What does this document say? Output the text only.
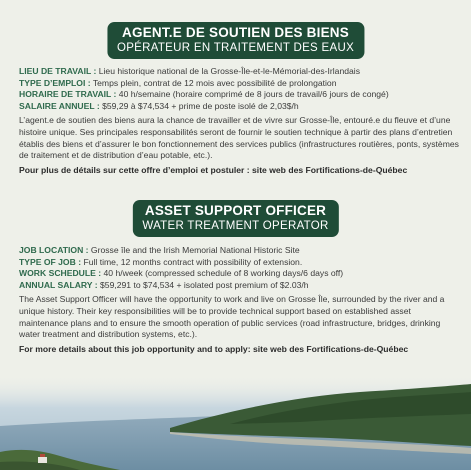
AGENT.E DE SOUTIEN DES BIENS
OPÉRATEUR EN TRAITEMENT DES EAUX
LIEU DE TRAVAIL : Lieu historique national de la Grosse-Île-et-le-Mémorial-des-Irlandais
TYPE D’EMPLOI : Temps plein, contrat de 12 mois avec possibilité de prolongation
HORAIRE DE TRAVAIL : 40 h/semaine (horaire comprimé de 8 jours de travail/6 jours de congé)
SALAIRE ANNUEL : $59,29 à $74,534 + prime de poste isolé de 2,03$/h
L’agent.e de soutien des biens aura la chance de travailler et de vivre sur Grosse-Île, entouré.e du fleuve et d’une histoire unique. Ses principales responsabilités seront de fournir le soutien technique à partir des plans d’entretien établis des biens et d’assurer le bon fonctionnement des services publics (infrastructures routières, ponts, systèmes de traitement et de distribution d’eau potable, etc.).
Pour plus de détails sur cette offre d’emploi et postuler : site web des Fortifications-de-Québec
ASSET SUPPORT OFFICER
WATER TREATMENT OPERATOR
JOB LOCATION : Grosse île and the Irish Memorial National Historic Site
TYPE OF JOB : Full time, 12 months contract with possibility of extension.
WORK SCHEDULE : 40 h/week (compressed schedule of 8 working days/6 days off)
ANNUAL SALARY : $59,291 to $74,534 + isolated post premium of $2.03/h
The Asset Support Officer will have the opportunity to work and live on Grosse Île, surrounded by the river and a unique history. Their key responsibilities will be to provide technical support based on established asset maintenance plans and to ensure the smooth operation of public services (road infrastructure, bridges, drinking water treatment and distribution systems, etc.).
For more details about this job opportunity and to apply: site web des Fortifications-de-Québec
